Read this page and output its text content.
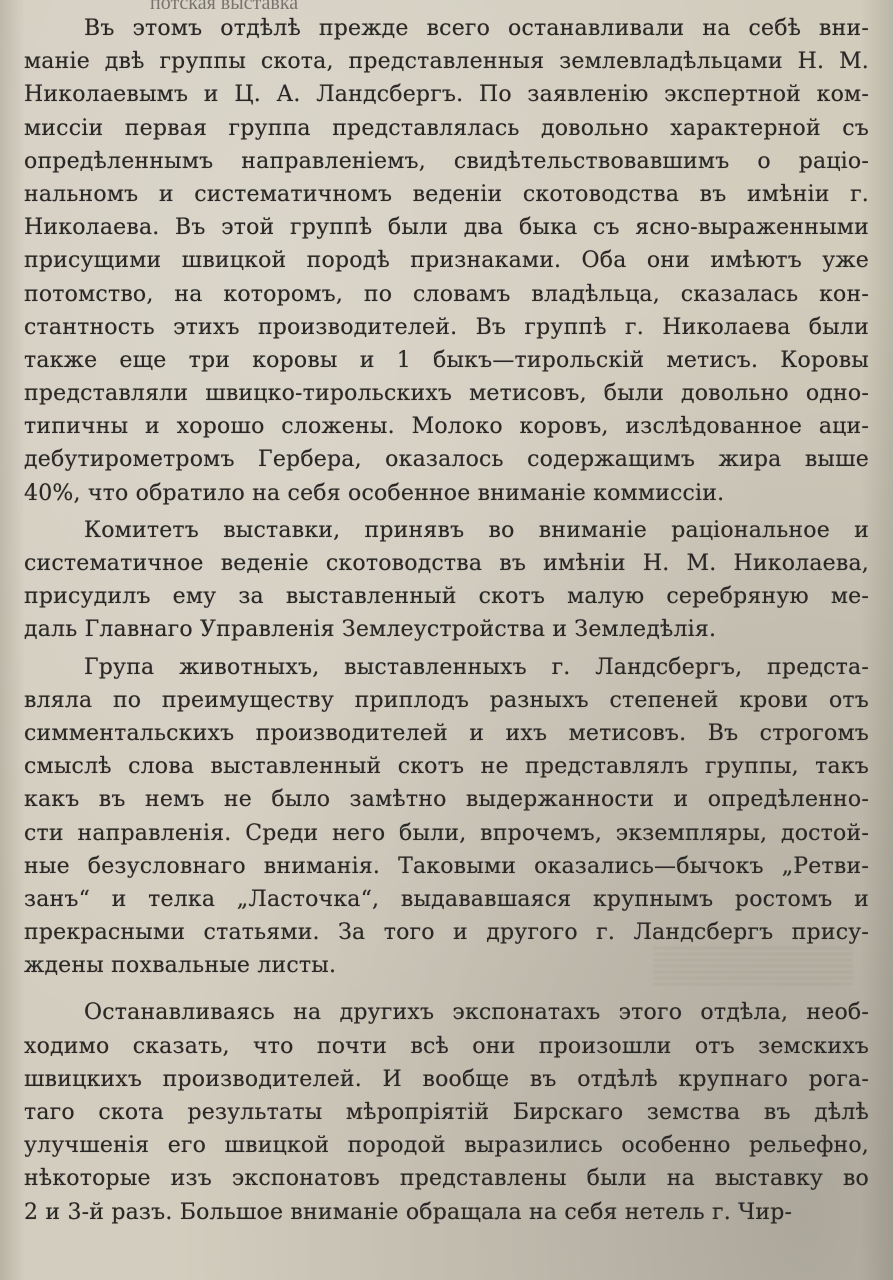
потская выставка
Въ этомъ отдѣлѣ прежде всего останавливали на себѣ вни-
манiе двѣ группы скота, представленныя землевладѣльцами Н. М.
Николаевымъ и Ц. А. Ландсбергъ. По заявленiю экспертной ком-
миссiи первая группа представлялась довольно характерной съ
опредѣленнымъ направленiемъ, свидѣтельствовавшимъ о раціо-
нальномъ и систематичномъ веденiи скотоводства въ имѣнiи г.
Николаева. Въ этой группѣ были два быка съ ясно-выраженными
присущими швицкой породѣ признаками. Оба они имѣютъ уже
потомство, на которомъ, по словамъ владѣльца, сказалась кон-
стантность этихъ производителей. Въ группѣ г. Николаева были
также еще три коровы и 1 быкъ—тирольскiй метисъ. Коровы
представляли швицко-тирольскихъ метисовъ, были довольно одно-
типичны и хорошо сложены. Молоко коровъ, изслѣдованное аци-
дебутирометромъ Гербера, оказалось содержащимъ жира выше
40%, что обратило на себя особенное вниманiе коммиссiи.
Комитетъ выставки, принявъ во вниманiе рацiональное и
систематичное веденiе скотоводства въ имѣнiи Н. М. Николаева,
присудилъ ему за выставленный скотъ малую серебряную ме-
даль Главнаго Управленiя Землеустройства и Земледѣлiя.
Група животныхъ, выставленныхъ г. Ландсбергъ, предста-
вляла по преимуществу приплодъ разныхъ степеней крови отъ
симментальскихъ производителей и ихъ метисовъ. Въ строгомъ
смыслѣ слова выставленный скотъ не представлялъ группы, такъ
какъ въ немъ не было замѣтно выдержанности и опредѣленно-
сти направленiя. Среди него были, впрочемъ, экземпляры, достой-
ные безусловнаго вниманiя. Таковыми оказались—бычокъ „Ретви-
занъ“ и телка „Ласточка“, выдававшаяся крупнымъ ростомъ и
прекрасными статьями. За того и другого г. Ландсбергъ прису-
ждены похвальные листы.
Останавливаясь на другихъ экспонатахъ этого отдѣла, необ-
ходимо сказать, что почти всѣ они произошли отъ земскихъ
швицкихъ производителей. И вообще въ отдѣлѣ крупнаго рога-
таго скота результаты мѣропрiятiй Бирскаго земства въ дѣлѣ
улучшенiя его швицкой породой выразились особенно рельефно,
нѣкоторые изъ экспонатовъ представлены были на выставку во
2 и 3-й разъ. Большое вниманiе обращала на себя нетель г. Чир-
